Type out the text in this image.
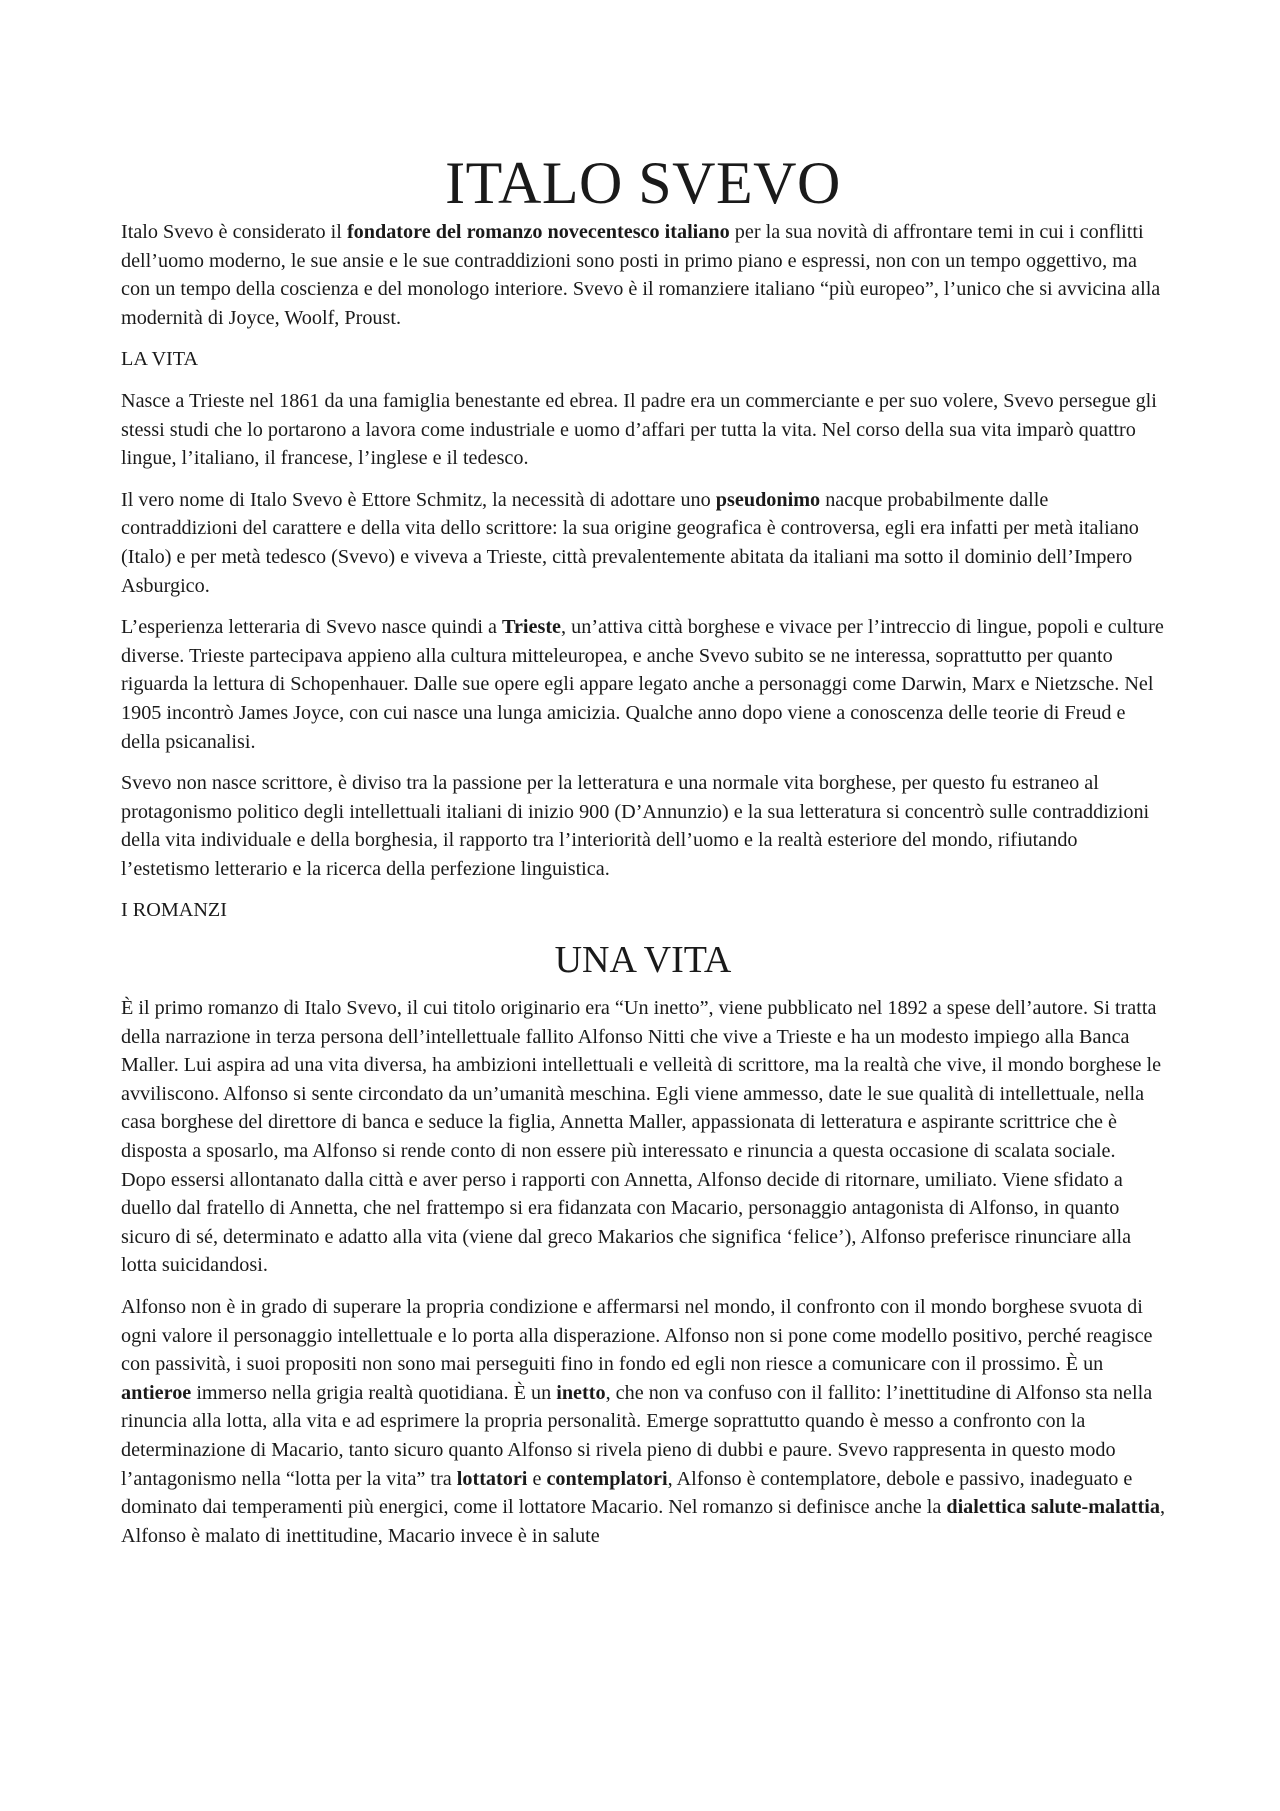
ITALO SVEVO

Italo Svevo è considerato il fondatore del romanzo novecentesco italiano per la sua novità di affrontare temi in cui i conflitti dell’uomo moderno, le sue ansie e le sue contraddizioni sono posti in primo piano e espressi, non con un tempo oggettivo, ma con un tempo della coscienza e del monologo interiore. Svevo è il romanziere italiano “più europeo”, l’unico che si avvicina alla modernità di Joyce, Woolf, Proust.

LA VITA

Nasce a Trieste nel 1861 da una famiglia benestante ed ebrea. Il padre era un commerciante e per suo volere, Svevo persegue gli stessi studi che lo portarono a lavora come industriale e uomo d’affari per tutta la vita. Nel corso della sua vita imparò quattro lingue, l’italiano, il francese, l’inglese e il tedesco.

Il vero nome di Italo Svevo è Ettore Schmitz, la necessità di adottare uno pseudonimo nacque probabilmente dalle contraddizioni del carattere e della vita dello scrittore: la sua origine geografica è controversa, egli era infatti per metà italiano (Italo) e per metà tedesco (Svevo) e viveva a Trieste, città prevalentemente abitata da italiani ma sotto il dominio dell’Impero Asburgico.

L’esperienza letteraria di Svevo nasce quindi a Trieste, un’attiva città borghese e vivace per l’intreccio di lingue, popoli e culture diverse. Trieste partecipava appieno alla cultura mitteleuropea, e anche Svevo subito se ne interessa, soprattutto per quanto riguarda la lettura di Schopenhauer. Dalle sue opere egli appare legato anche a personaggi come Darwin, Marx e Nietzsche. Nel 1905 incontrò James Joyce, con cui nasce una lunga amicizia. Qualche anno dopo viene a conoscenza delle teorie di Freud e della psicanalisi.

Svevo non nasce scrittore, è diviso tra la passione per la letteratura e una normale vita borghese, per questo fu estraneo al protagonismo politico degli intellettuali italiani di inizio 900 (D’Annunzio) e la sua letteratura si concentrò sulle contraddizioni della vita individuale e della borghesia, il rapporto tra l’interiorità dell’uomo e la realtà esteriore del mondo, rifiutando l’estetismo letterario e la ricerca della perfezione linguistica.

I ROMANZI

UNA VITA

È il primo romanzo di Italo Svevo, il cui titolo originario era “Un inetto”, viene pubblicato nel 1892 a spese dell’autore. Si tratta della narrazione in terza persona dell’intellettuale fallito Alfonso Nitti che vive a Trieste e ha un modesto impiego alla Banca Maller. Lui aspira ad una vita diversa, ha ambizioni intellettuali e velleità di scrittore, ma la realtà che vive, il mondo borghese le avviliscono. Alfonso si sente circondato da un’umanità meschina. Egli viene ammesso, date le sue qualità di intellettuale, nella casa borghese del direttore di banca e seduce la figlia, Annetta Maller, appassionata di letteratura e aspirante scrittrice che è disposta a sposarlo, ma Alfonso si rende conto di non essere più interessato e rinuncia a questa occasione di scalata sociale. Dopo essersi allontanato dalla città e aver perso i rapporti con Annetta, Alfonso decide di ritornare, umiliato. Viene sfidato a duello dal fratello di Annetta, che nel frattempo si era fidanzata con Macario, personaggio antagonista di Alfonso, in quanto sicuro di sé, determinato e adatto alla vita (viene dal greco Makarios che significa ‘felice’), Alfonso preferisce rinunciare alla lotta suicidandosi.

Alfonso non è in grado di superare la propria condizione e affermarsi nel mondo, il confronto con il mondo borghese svuota di ogni valore il personaggio intellettuale e lo porta alla disperazione. Alfonso non si pone come modello positivo, perché reagisce con passività, i suoi propositi non sono mai perseguiti fino in fondo ed egli non riesce a comunicare con il prossimo. È un antieroe immerso nella grigia realtà quotidiana. È un inetto, che non va confuso con il fallito: l’inettitudine di Alfonso sta nella rinuncia alla lotta, alla vita e ad esprimere la propria personalità. Emerge soprattutto quando è messo a confronto con la determinazione di Macario, tanto sicuro quanto Alfonso si rivela pieno di dubbi e paure. Svevo rappresenta in questo modo l’antagonismo nella “lotta per la vita” tra lottatori e contemplatori, Alfonso è contemplatore, debole e passivo, inadeguato e dominato dai temperamenti più energici, come il lottatore Macario. Nel romanzo si definisce anche la dialettica salute-malattia, Alfonso è malato di inettitudine, Macario invece è in salute
